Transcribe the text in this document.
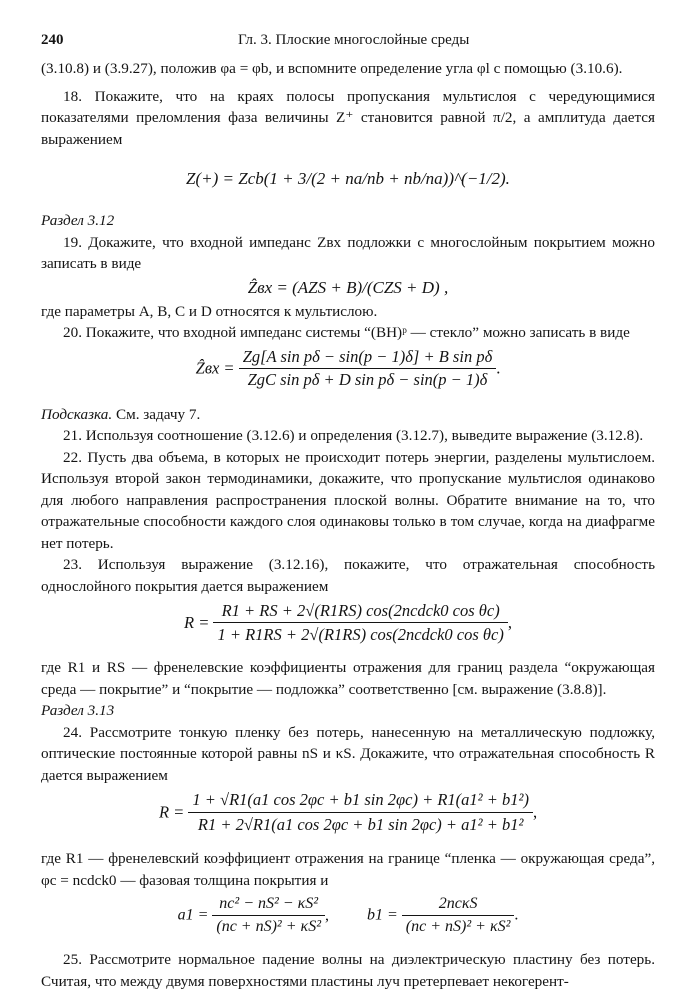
240	Гл. 3. Плоские многослойные среды

(3.10.8) и (3.9.27), положив φa = φb, и вспомните определение угла φl с помощью (3.10.6).

18. Покажите, что на краях полосы пропускания мультислоя с чередующимися показателями преломления фаза величины Z⁺ становится равной π/2, а амплитуда дается выражением

Z(+) = Zcb(1 + 3/(2 + na/nb + nb/na))^(−1/2).

Раздел 3.12

19. Докажите, что входной импеданс Zвх подложки с многослойным покрытием можно записать в виде

Ẑвх = (AZS + B)/(CZS + D) ,

где параметры A, B, C и D относятся к мультислою.

20. Покажите, что входной импеданс системы “(BH)ᵖ — стекло” можно записать в виде

Ẑвх = $\frac{\text{Zg[A sin pδ − sin(p − 1)δ] + B sin pδ}}{\text{ZgC sin pδ + D sin pδ − sin(p − 1)δ}}$ .

Подсказка. См. задачу 7.

21. Используя соотношение (3.12.6) и определения (3.12.7), выведите выражение (3.12.8).

22. Пусть два объема, в которых не происходит потерь энергии, разделены мультислоем. Используя второй закон термодинамики, докажите, что пропускание мультислоя одинаково для любого направления распространения плоской волны. Обратите внимание на то, что отражательные способности каждого слоя одинаковы только в том случае, когда на диафрагме нет потерь.

23. Используя выражение (3.12.16), покажите, что отражательная способность однослойного покрытия дается выражением

$R = \frac{\text{R1 + RS + 2√(R1RS) cos(2ncdck0 cos θc)}}{\text{1 + R1RS + 2√(R1RS) cos(2ncdck0 cos θc)}}$ ,

где R1 и RS — френелевские коэффициенты отражения для границ раздела “окружающая среда — покрытие” и “покрытие — подложка” соответственно [см. выражение (3.8.8)].

Раздел 3.13

24. Рассмотрите тонкую пленку без потерь, нанесенную на металлическую подложку, оптические постоянные которой равны nS и κS. Докажите, что отражательная способность R дается выражением

$R = \frac{\text{1 + √R1(a1 cos 2φc + b1 sin 2φc) + R1(a1² + b1²)}}{\text{R1 + 2√R1(a1 cos 2φc + b1 sin 2φc) + a1² + b1²}}$ ,

где R1 — френелевский коэффициент отражения на границе “пленка — окружающая среда”, φc = ncdck0 — фазовая толщина покрытия и

$a1 = \frac{\text{nc² − nS² − κS²}}{\text{(nc + nS)² + κS²}}$ , $b1 = \frac{\text{2ncκS}}{\text{(nc + nS)² + κS²}}$ .

25. Рассмотрите нормальное падение волны на диэлектрическую пластину без потерь. Считая, что между двумя поверхностями пластины луч претерпевает некогерент-
